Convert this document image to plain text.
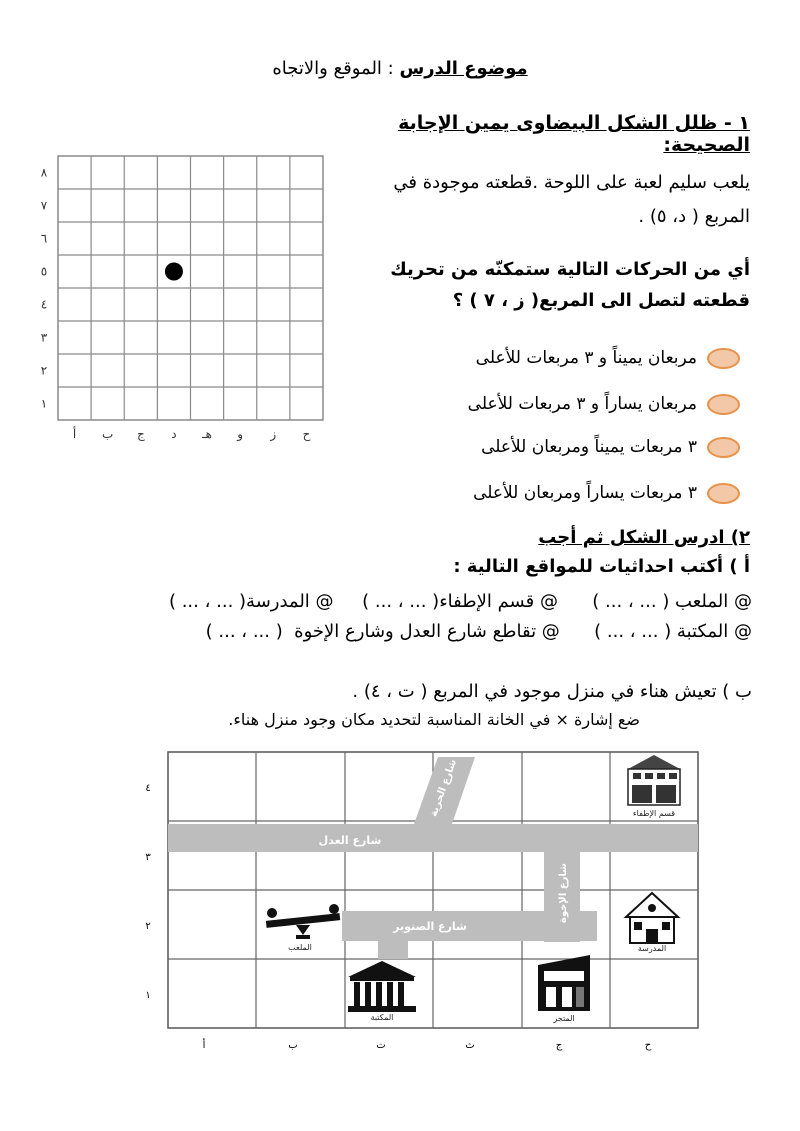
موضوع الدرس : الموقع والاتجاه
١ - ظلل الشكل البيضاوى يمين الإجابة الصحيحة:
٨
٧
٦
٥
٤
٣
٢
١
أ ب ج د هـ و ز ح
يلعب سليم لعبة على اللوحة .قطعته موجودة في
المربع ( د، ٥) .
أي من الحركات التالية ستمكنّه من تحريك
قطعته لتصل الى المربع( ز ، ٧ ) ؟
مربعان يميناً و ٣ مربعات للأعلى
مربعان يساراً و ٣ مربعات للأعلى
٣ مربعات يميناً ومربعان للأعلى
٣ مربعات يساراً ومربعان للأعلى
٢) ادرس الشكل ثم أجب
أ ) أكتب احداثيات للمواقع التالية :
@ الملعب ( ... ، ... )      @ قسم الإطفاء( ... ، ... )     @ المدرسة( ... ، ... )
@ المكتبة ( ... ، ... )      @ تقاطع شارع العدل وشارع الإخوة  ( ... ، ... )
ب ) تعيش هناء في منزل موجود في المربع ( ت ، ٤) .
ضع إشارة × في الخانة المناسبة لتحديد مكان وجود منزل هناء.
شارع العدل
شارع الحرية
شارع الإخوة
شارع الصنوبر
قسم الإطفاء
المدرسة
الملعب
المكتبة	المتجر
٤
٣
٢
١
أ	ب	ت	ث	ج	ح
